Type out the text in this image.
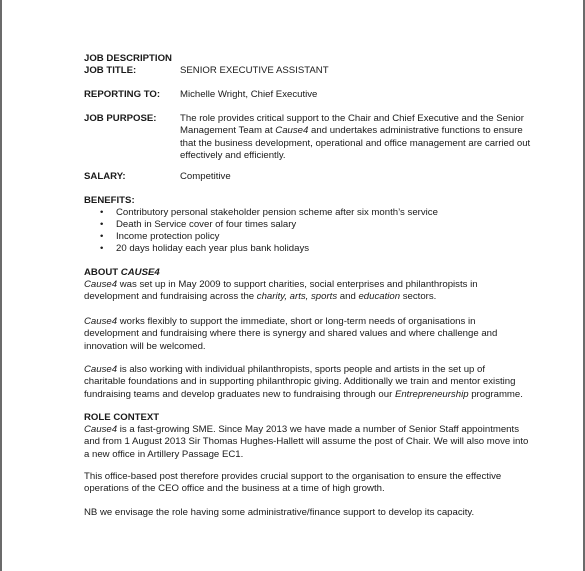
JOB DESCRIPTION
JOB TITLE:	SENIOR EXECUTIVE ASSISTANT
REPORTING TO: Michelle Wright, Chief Executive
JOB PURPOSE: The role provides critical support to the Chair and Chief Executive and the Senior
Management Team at Cause4 and undertakes administrative functions to ensure
that the business development, operational and office management are carried out
effectively and efficiently.
SALARY:	Competitive
BENEFITS:
• Contributory personal stakeholder pension scheme after six month’s service
• Death in Service cover of four times salary
• Income protection policy
• 20 days holiday each year plus bank holidays
ABOUT CAUSE4
Cause4 was set up in May 2009 to support charities, social enterprises and philanthropists in
development and fundraising across the charity, arts, sports and education sectors.
Cause4 works flexibly to support the immediate, short or long-term needs of organisations in
development and fundraising where there is synergy and shared values and where challenge and
innovation will be welcomed.
Cause4 is also working with individual philanthropists, sports people and artists in the set up of
charitable foundations and in supporting philanthropic giving. Additionally we train and mentor existing
fundraising teams and develop graduates new to fundraising through our Entrepreneurship programme.
ROLE CONTEXT
Cause4 is a fast-growing SME. Since May 2013 we have made a number of Senior Staff appointments
and from 1 August 2013 Sir Thomas Hughes-Hallett will assume the post of Chair. We will also move into
a new office in Artillery Passage EC1.
This office-based post therefore provides crucial support to the organisation to ensure the effective
operations of the CEO office and the business at a time of high growth.
NB we envisage the role having some administrative/finance support to develop its capacity.
